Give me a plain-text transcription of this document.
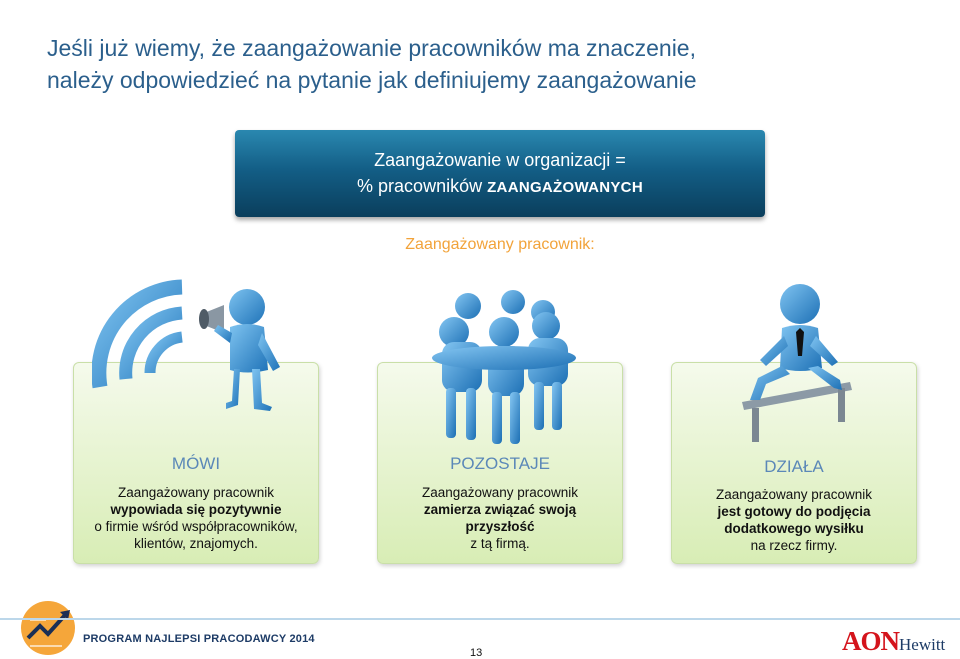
Jeśli już wiemy, że zaangażowanie pracowników ma znaczenie,
należy odpowiedzieć na pytanie jak definiujemy zaangażowanie
Zaangażowanie w organizacji =
% pracowników ZAANGAŻOWANYCH
Zaangażowany pracownik:
MÓWI
Zaangażowany pracownik
wypowiada się pozytywnie
o firmie wśród współpracowników,
klientów, znajomych.
POZOSTAJE
Zaangażowany pracownik
zamierza związać swoją
przyszłość
z tą firmą.
DZIAŁA
Zaangażowany pracownik
jest gotowy do podjęcia
dodatkowego wysiłku
na rzecz firmy.
PROGRAM NAJLEPSI PRACODAWCY 2014
13	AONHewitt
